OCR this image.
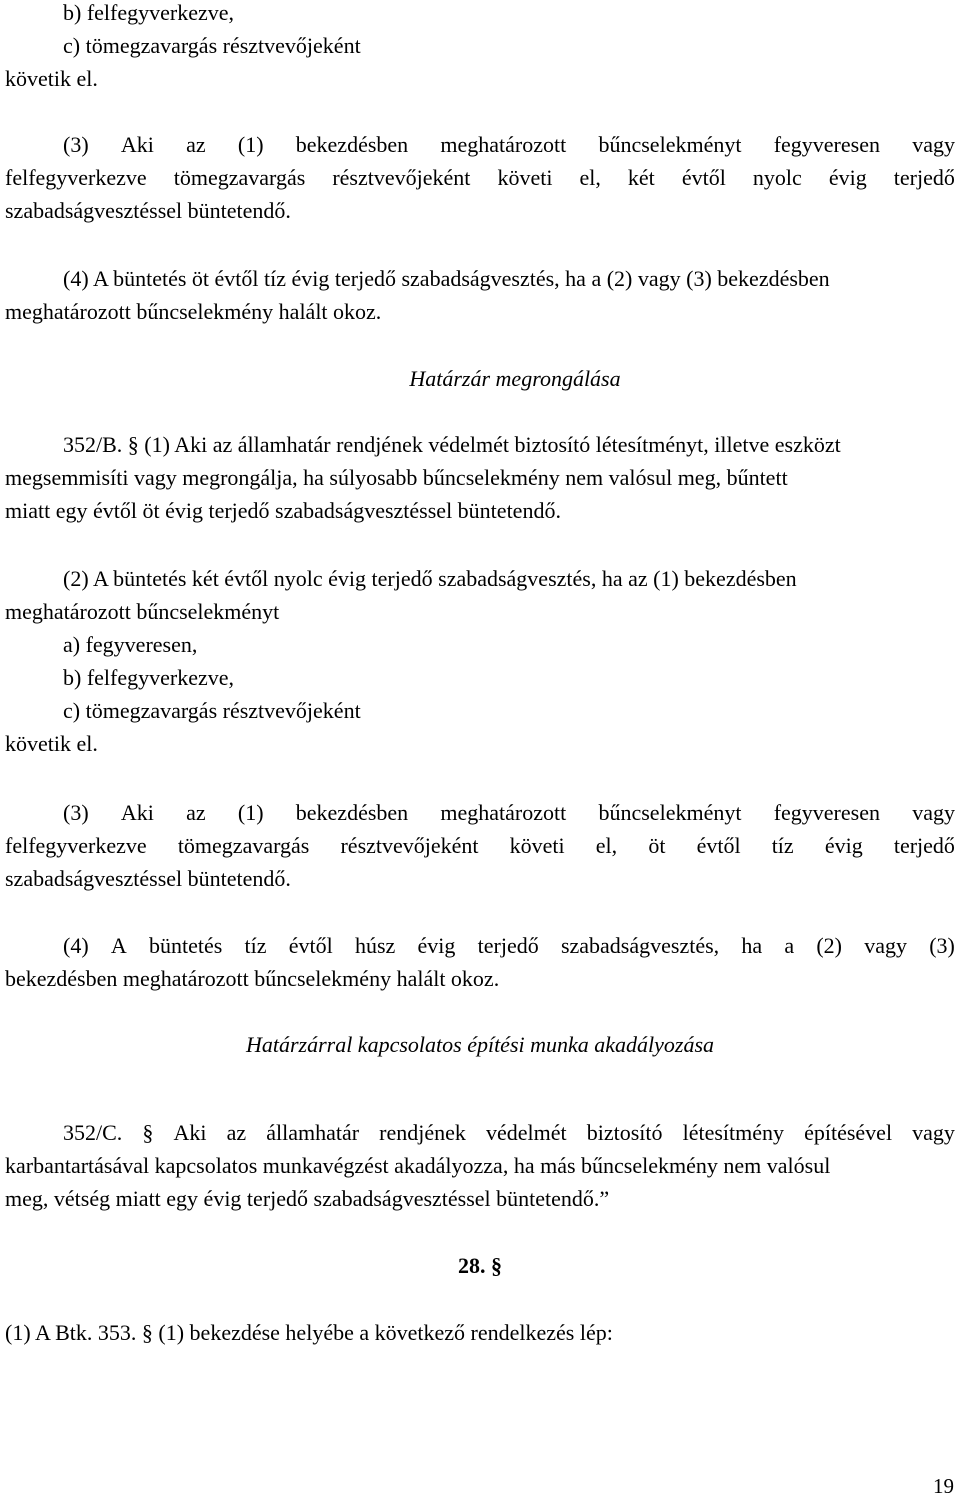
b) felfegyverkezve,
c) tömegzavargás résztvevőjeként
követik el.
(3) Aki az (1) bekezdésben meghatározott bűncselekményt fegyveresen vagy
felfegyverkezve tömegzavargás résztvevőjeként követi el, két évtől nyolc évig terjedő
szabadságvesztéssel büntetendő.
(4) A büntetés öt évtől tíz évig terjedő szabadságvesztés, ha a (2) vagy (3) bekezdésben
meghatározott bűncselekmény halált okoz.
Határzár megrongálása
352/B. § (1) Aki az államhatár rendjének védelmét biztosító létesítményt, illetve eszközt
megsemmisíti vagy megrongálja, ha súlyosabb bűncselekmény nem valósul meg, bűntett
miatt egy évtől öt évig terjedő szabadságvesztéssel büntetendő.
(2) A büntetés két évtől nyolc évig terjedő szabadságvesztés, ha az (1) bekezdésben
meghatározott bűncselekményt
a) fegyveresen,
b) felfegyverkezve,
c) tömegzavargás résztvevőjeként
követik el.
(3) Aki az (1) bekezdésben meghatározott bűncselekményt fegyveresen vagy
felfegyverkezve tömegzavargás résztvevőjeként követi el, öt évtől tíz évig terjedő
szabadságvesztéssel büntetendő.
(4) A büntetés tíz évtől húsz évig terjedő szabadságvesztés, ha a (2) vagy (3)
bekezdésben meghatározott bűncselekmény halált okoz.
Határzárral kapcsolatos építési munka akadályozása
352/C. § Aki az államhatár rendjének védelmét biztosító létesítmény építésével vagy
karbantartásával kapcsolatos munkavégzést akadályozza, ha más bűncselekmény nem valósul
meg, vétség miatt egy évig terjedő szabadságvesztéssel büntetendő.”
28. §
(1) A Btk. 353. § (1) bekezdése helyébe a következő rendelkezés lép:
19
